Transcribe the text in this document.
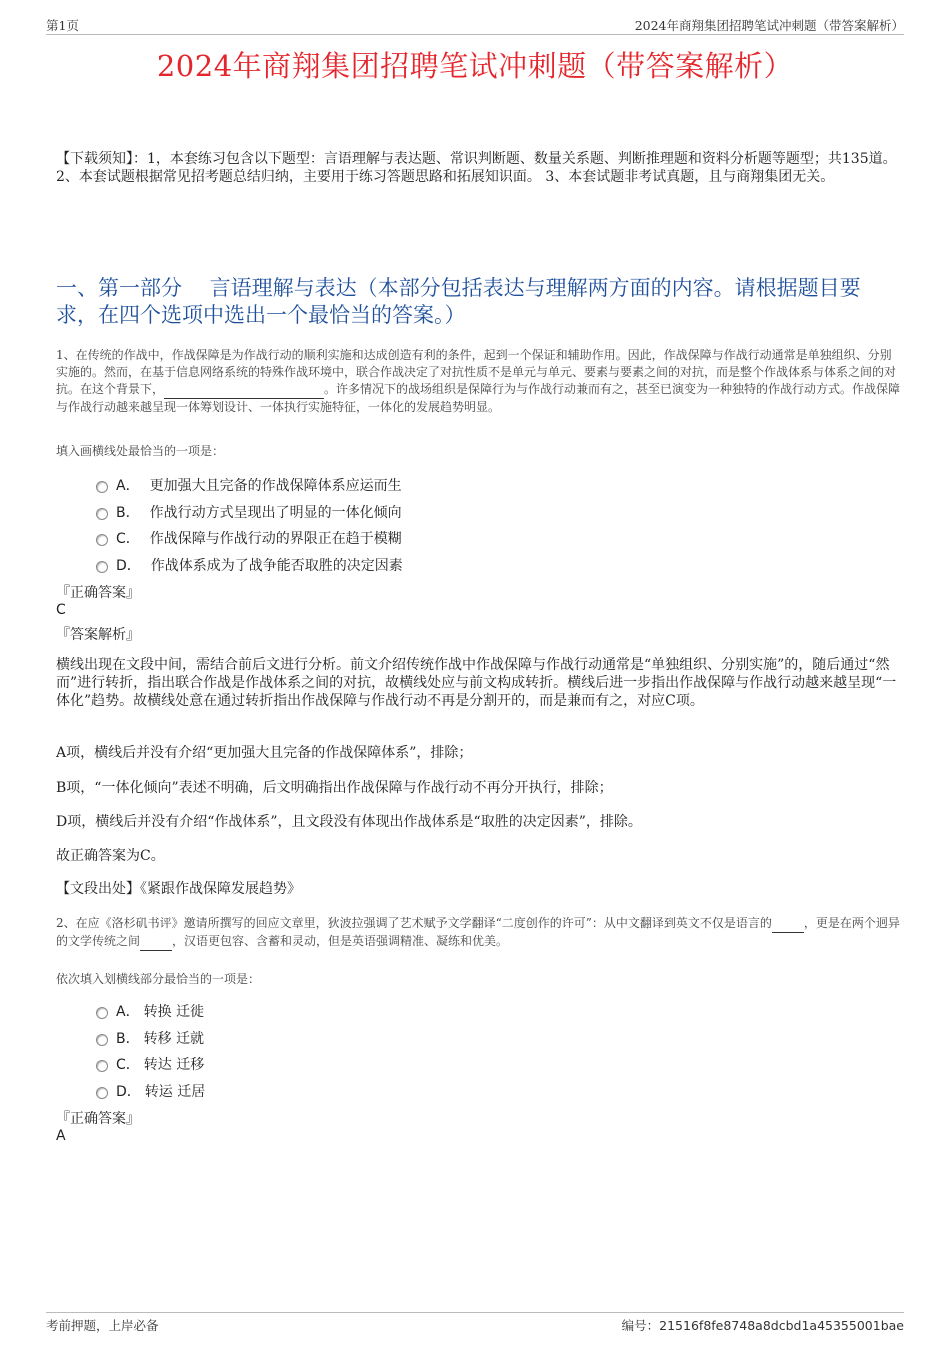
第1页	2024年商翔集团招聘笔试冲刺题（带答案解析）
2024年商翔集团招聘笔试冲刺题（带答案解析）
【下载须知】：1，本套练习包含以下题型：言语理解与表达题、常识判断题、数量关系题、判断推理题和资料分析题等题型；共135道。 2、本套试题根据常见招考题总结归纳，主要用于练习答题思路和拓展知识面。 3、本套试题非考试真题，且与商翔集团无关。
一、第一部分　 言语理解与表达（本部分包括表达与理解两方面的内容。请根据题目要求，在四个选项中选出一个最恰当的答案。）
1、在传统的作战中，作战保障是为作战行动的顺利实施和达成创造有利的条件，起到一个保证和辅助作用。因此，作战保障与作战行动通常是单独组织、分别实施的。然而，在基于信息网络系统的特殊作战环境中，联合作战决定了对抗性质不是单元与单元、要素与要素之间的对抗，而是整个作战体系与体系之间的对抗。在这个背景下，	。许多情况下的战场组织是保障行为与作战行动兼而有之，甚至已演变为一种独特的作战行动方式。作战保障与作战行动越来越呈现一体筹划设计、一体执行实施特征，一体化的发展趋势明显。
填入画横线处最恰当的一项是：
A． 更加强大且完备的作战保障体系应运而生
B． 作战行动方式呈现出了明显的一体化倾向
C． 作战保障与作战行动的界限正在趋于模糊
D． 作战体系成为了战争能否取胜的决定因素
『正确答案』
C
『答案解析』
横线出现在文段中间，需结合前后文进行分析。前文介绍传统作战中作战保障与作战行动通常是“单独组织、分别实施”的，随后通过“然而”进行转折，指出联合作战是作战体系之间的对抗，故横线处应与前文构成转折。横线后进一步指出作战保障与作战行动越来越呈现“一体化”趋势。故横线处意在通过转折指出作战保障与作战行动不再是分割开的，而是兼而有之，对应C项。
A项，横线后并没有介绍“更加强大且完备的作战保障体系”，排除；
B项，“一体化倾向”表述不明确，后文明确指出作战保障与作战行动不再分开执行，排除；
D项，横线后并没有介绍“作战体系”，且文段没有体现出作战体系是“取胜的决定因素”，排除。
故正确答案为C。
【文段出处】《紧跟作战保障发展趋势》
2、在应《洛杉矶书评》邀请所撰写的回应文章里，狄波拉强调了艺术赋予文学翻译“二度创作的许可”：从中文翻译到英文不仅是语言的	，更是在两个迥异的文学传统之间	，汉语更包容、含蓄和灵动，但是英语强调精准、凝练和优美。
依次填入划横线部分最恰当的一项是：
A． 转换 迁徙
B． 转移 迁就
C． 转达 迁移
D． 转运 迁居
『正确答案』
A
考前押题，上岸必备	编号：21516f8fe8748a8dcbd1a45355001bae
